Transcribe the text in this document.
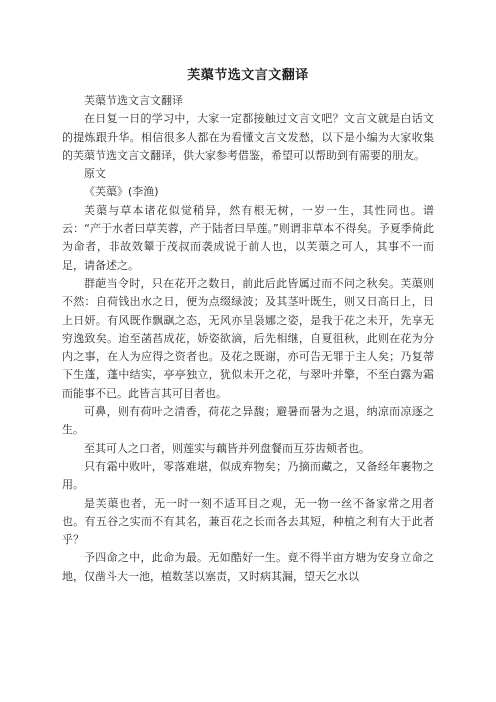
芙蕖节选文言文翻译

芙蕖节选文言文翻译

在日复一日的学习中，大家一定都接触过文言文吧？文言文就是白话文的提炼跟升华。相信很多人都在为看懂文言文发愁，以下是小编为大家收集的芙蕖节选文言文翻译，供大家参考借鉴，希望可以帮助到有需要的朋友。

原文

《芙蕖》(李渔)

芙蕖与草本诸花似觉稍异，然有根无树，一岁一生，其性同也。谱云：“产于水者曰草芙蓉，产于陆者曰旱莲。”则谓非草本不得矣。予夏季倚此为命者，非故效颦于茂叔而袭成说于前人也，以芙蕖之可人，其事不一而足，请备述之。

群葩当令时，只在花开之数日，前此后此皆属过而不问之秋矣。芙蕖则不然：自荷钱出水之日，便为点缀绿波；及其茎叶既生，则又日高日上，日上日妍。有风既作飘飖之态，无风亦呈袅娜之姿，是我于花之未开，先享无穷逸致矣。迨至菡萏成花，娇姿欲滴，后先相继，自夏徂秋，此则在花为分内之事，在人为应得之资者也。及花之既谢，亦可告无罪于主人矣；乃复蒂下生蓬，蓬中结实，亭亭独立，犹似未开之花，与翠叶并擎，不至白露为霜而能事不已。此皆言其可目者也。

可鼻，则有荷叶之清香，荷花之异馥；避暑而暑为之退，纳凉而凉逐之生。

至其可人之口者，则莲实与藕皆并列盘餐而互芬齿颊者也。

只有霜中败叶，零落难堪，似成弃物矣；乃摘而藏之，又备经年裹物之用。

是芙蕖也者，无一时一刻不适耳目之观，无一物一丝不备家常之用者也。有五谷之实而不有其名，兼百花之长而各去其短，种植之利有大于此者乎？

予四命之中，此命为最。无如酷好一生。竟不得半亩方塘为安身立命之地，仅凿斗大一池，植数茎以塞责，又时病其漏，望天乞水以
